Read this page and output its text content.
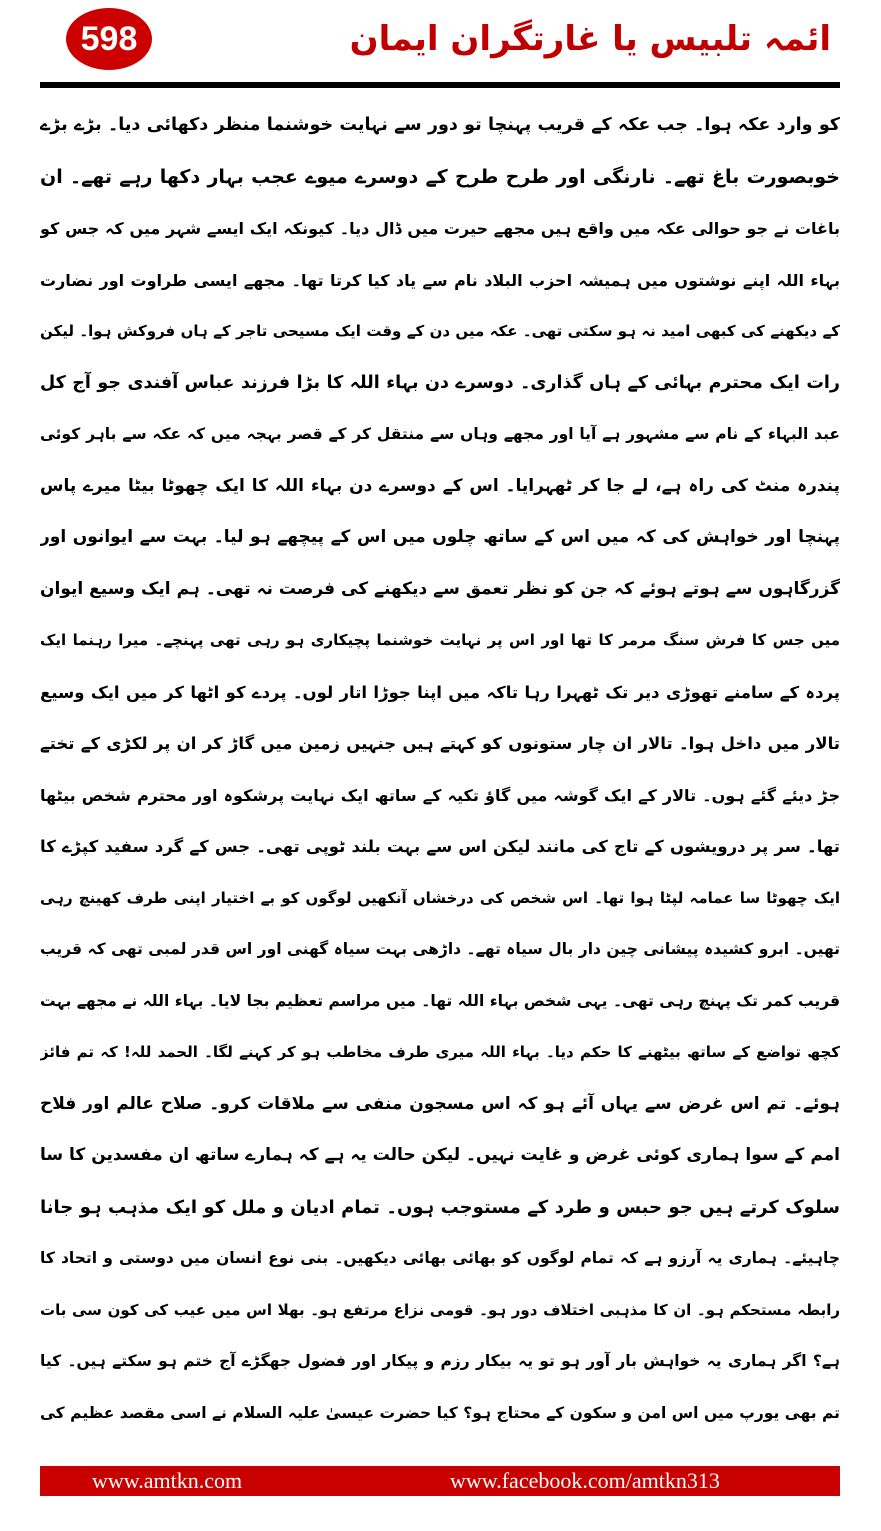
598	ائمہ تلبیس یا غارتگران ایمان
کو وارد عکہ ہوا۔ جب عکہ کے قریب پہنچا تو دور سے نہایت خوشنما منظر دکھائی دیا۔ بڑے بڑے
خوبصورت باغ تھے۔ نارنگی اور طرح طرح کے دوسرے میوے عجب بہار دکھا رہے تھے۔ ان
باغات نے جو حوالی عکہ میں واقع ہیں مجھے حیرت میں ڈال دیا۔ کیونکہ ایک ایسے شہر میں کہ جس کو
بہاء اللہ اپنے نوشتوں میں ہمیشہ احزب البلاد نام سے یاد کیا کرتا تھا۔ مجھے ایسی طراوت اور نضارت
کے دیکھنے کی کبھی امید نہ ہو سکتی تھی۔ عکہ میں دن کے وقت ایک مسیحی تاجر کے ہاں فروکش ہوا۔ لیکن
رات ایک محترم بہائی کے ہاں گذاری۔ دوسرے دن بہاء اللہ کا بڑا فرزند عباس آفندی جو آج کل
عبد البہاء کے نام سے مشہور ہے آیا اور مجھے وہاں سے منتقل کر کے قصر بہجہ میں کہ عکہ سے باہر کوئی
پندرہ منٹ کی راہ ہے، لے جا کر ٹھہرایا۔ اس کے دوسرے دن بہاء اللہ کا ایک چھوٹا بیٹا میرے پاس
پہنچا اور خواہش کی کہ میں اس کے ساتھ چلوں میں اس کے پیچھے ہو لیا۔ بہت سے ایوانوں اور
گزرگاہوں سے ہوتے ہوئے کہ جن کو نظر تعمق سے دیکھنے کی فرصت نہ تھی۔ ہم ایک وسیع ایوان
میں جس کا فرش سنگ مرمر کا تھا اور اس پر نہایت خوشنما پچیکاری ہو رہی تھی پہنچے۔ میرا رہنما ایک
پردہ کے سامنے تھوڑی دیر تک ٹھہرا رہا تاکہ میں اپنا جوڑا اتار لوں۔ پردے کو اٹھا کر میں ایک وسیع
تالار میں داخل ہوا۔ تالار ان چار ستونوں کو کہتے ہیں جنہیں زمین میں گاڑ کر ان پر لکڑی کے تختے
جڑ دیئے گئے ہوں۔ تالار کے ایک گوشہ میں گاؤ تکیہ کے ساتھ ایک نہایت پرشکوہ اور محترم شخص بیٹھا
تھا۔ سر پر درویشوں کے تاج کی مانند لیکن اس سے بہت بلند ٹوپی تھی۔ جس کے گرد سفید کپڑے کا
ایک چھوٹا سا عمامہ لپٹا ہوا تھا۔ اس شخص کی درخشاں آنکھیں لوگوں کو بے اختیار اپنی طرف کھینچ رہی
تھیں۔ ابرو کشیدہ پیشانی چین دار بال سیاہ تھے۔ داڑھی بہت سیاہ گھنی اور اس قدر لمبی تھی کہ قریب
قریب کمر تک پہنچ رہی تھی۔ یہی شخص بہاء اللہ تھا۔ میں مراسم تعظیم بجا لایا۔ بہاء اللہ نے مجھے بہت
کچھ تواضع کے ساتھ بیٹھنے کا حکم دیا۔ بہاء اللہ میری طرف مخاطب ہو کر کہنے لگا۔ الحمد للہ! کہ تم فائز
ہوئے۔ تم اس غرض سے یہاں آئے ہو کہ اس مسجون منفی سے ملاقات کرو۔ صلاح عالم اور فلاح
امم کے سوا ہماری کوئی غرض و غایت نہیں۔ لیکن حالت یہ ہے کہ ہمارے ساتھ ان مفسدین کا سا
سلوک کرتے ہیں جو حبس و طرد کے مستوجب ہوں۔ تمام ادیان و ملل کو ایک مذہب ہو جانا
چاہیئے۔ ہماری یہ آرزو ہے کہ تمام لوگوں کو بھائی بھائی دیکھیں۔ بنی نوع انسان میں دوستی و اتحاد کا
رابطہ مستحکم ہو۔ ان کا مذہبی اختلاف دور ہو۔ قومی نزاع مرتفع ہو۔ بھلا اس میں عیب کی کون سی بات
ہے؟ اگر ہماری یہ خواہش بار آور ہو تو یہ بیکار رزم و پیکار اور فضول جھگڑے آج ختم ہو سکتے ہیں۔ کیا
تم بھی یورپ میں اس امن و سکون کے محتاج ہو؟ کیا حضرت عیسیٰ علیہ السلام نے اسی مقصد عظیم کی
www.amtkn.com	www.facebook.com/amtkn313
